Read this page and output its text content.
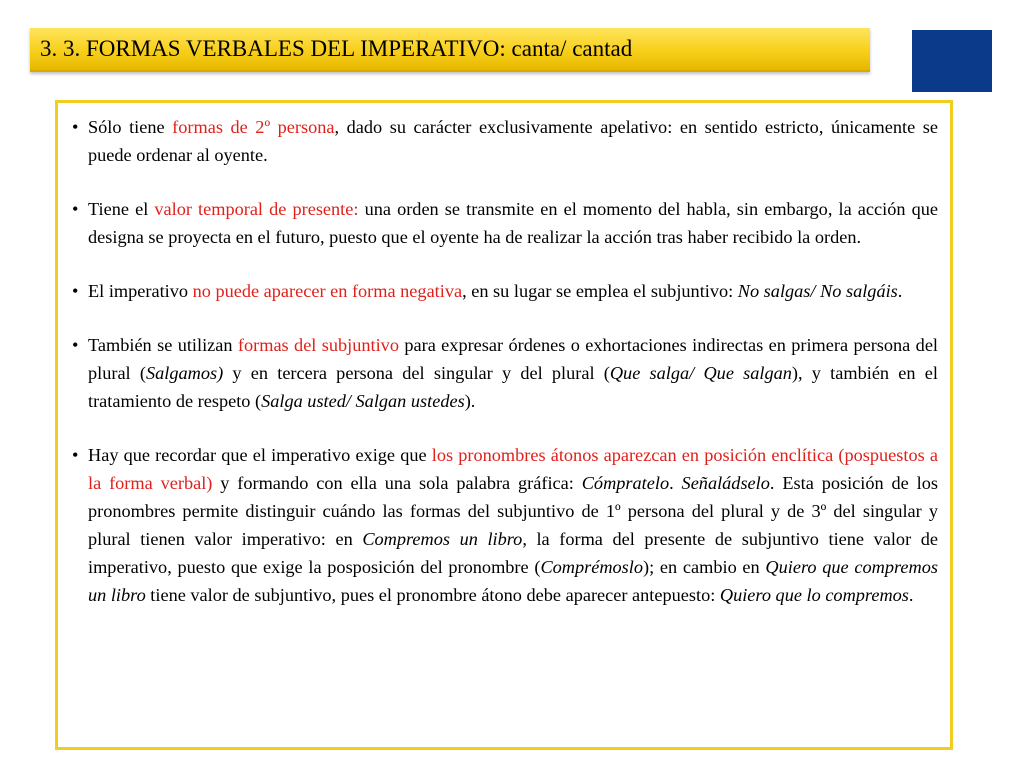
3. 3. FORMAS VERBALES DEL IMPERATIVO: canta/ cantad
• Sólo tiene formas de 2º persona, dado su carácter exclusivamente apelativo: en sentido estricto, únicamente se puede ordenar al oyente.
• Tiene el valor temporal de presente: una orden se transmite en el momento del habla, sin embargo, la acción que designa se proyecta en el futuro, puesto que el oyente ha de realizar la acción tras haber recibido la orden.
• El imperativo no puede aparecer en forma negativa, en su lugar se emplea el subjuntivo: No salgas/ No salgáis.
• También se utilizan formas del subjuntivo para expresar órdenes o exhortaciones indirectas en primera persona del plural (Salgamos) y en tercera persona del singular y del plural (Que salga/ Que salgan), y también en el tratamiento de respeto (Salga usted/ Salgan ustedes).
• Hay que recordar que el imperativo exige que los pronombres átonos aparezcan en posición enclítica (pospuestos a la forma verbal) y formando con ella una sola palabra gráfica: Cómpratelo. Señaládselo. Esta posición de los pronombres permite distinguir cuándo las formas del subjuntivo de 1º persona del plural y de 3º del singular y plural tienen valor imperativo: en Compremos un libro, la forma del presente de subjuntivo tiene valor de imperativo, puesto que exige la posposición del pronombre (Comprémoslo); en cambio en Quiero que compremos un libro tiene valor de subjuntivo, pues el pronombre átono debe aparecer antepuesto: Quiero que lo compremos.
